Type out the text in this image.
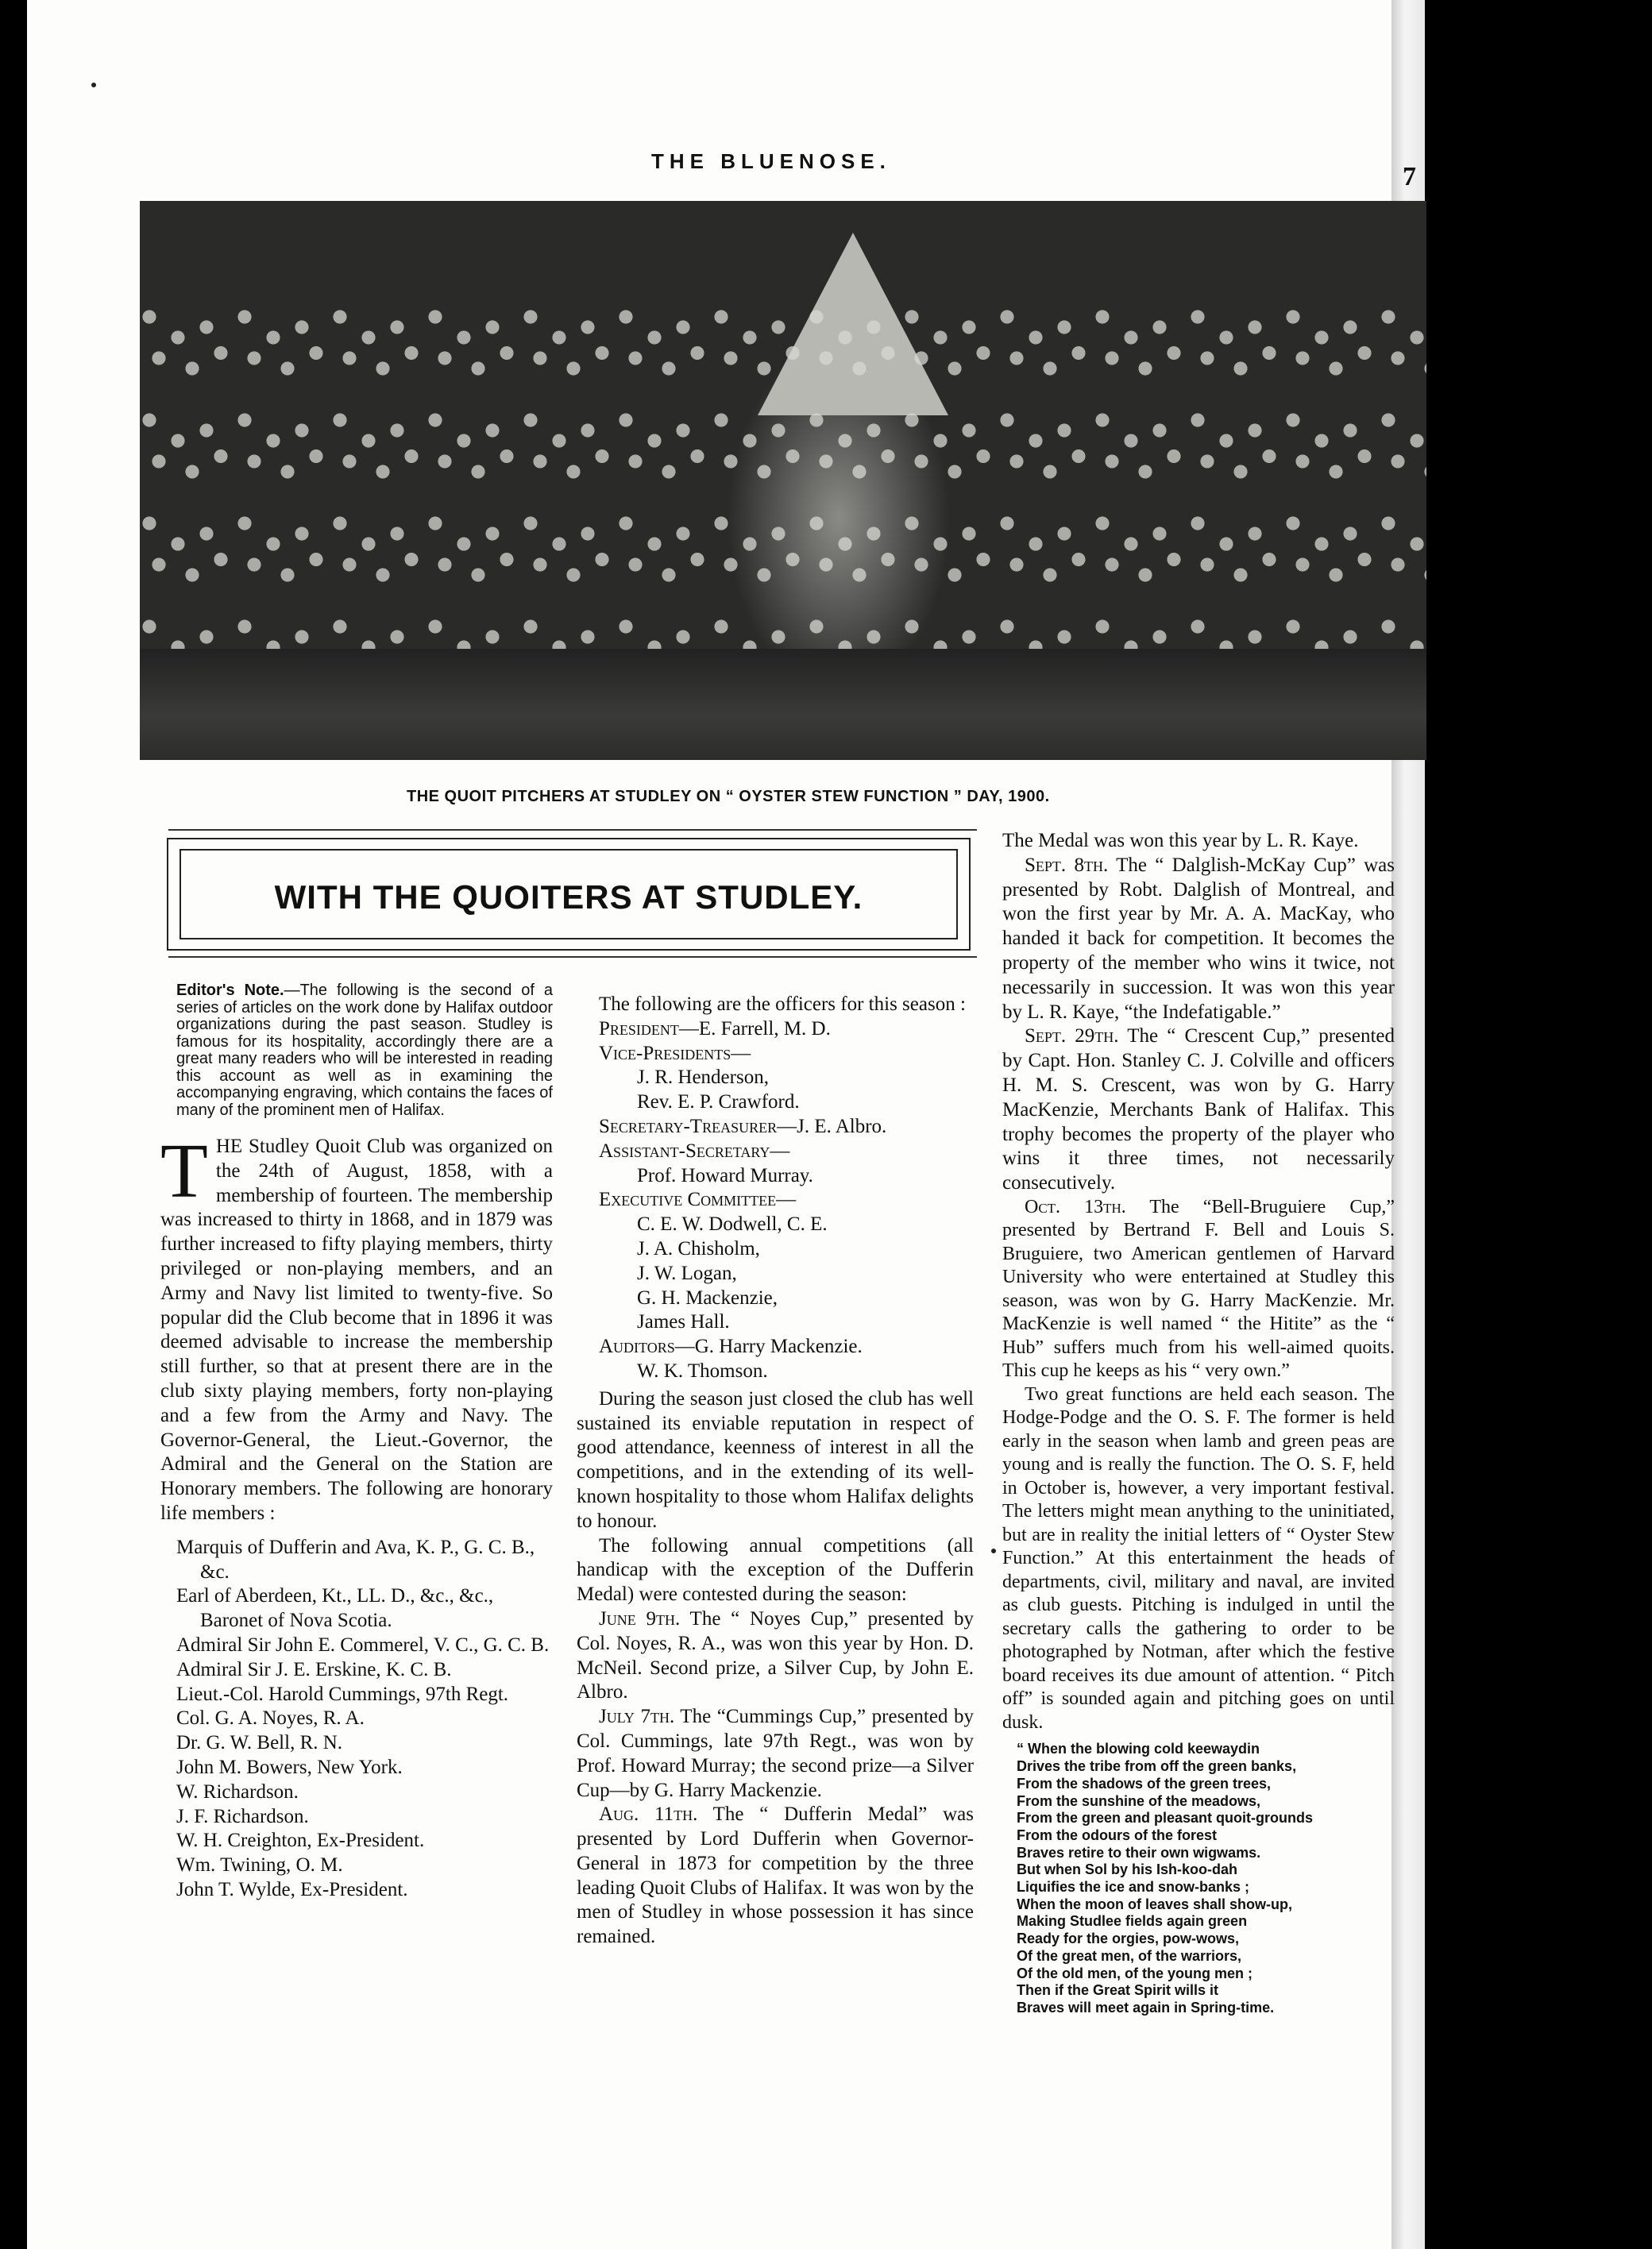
THE BLUENOSE.
7
THE QUOIT PITCHERS AT STUDLEY ON “ OYSTER STEW FUNCTION ” DAY, 1900.
WITH THE QUOITERS AT STUDLEY.

Editor's Note.—The following is the second of a series of articles on the work done by Halifax outdoor organizations during the past season. Studley is famous for its hospitality, accordingly there are a great many readers who will be interested in reading this account as well as in examining the accompanying engraving, which contains the faces of many of the prominent men of Halifax.

THE Studley Quoit Club was organized on the 24th of August, 1858, with a membership of fourteen. The membership was increased to thirty in 1868, and in 1879 was further increased to fifty playing members, thirty privileged or non-playing members, and an Army and Navy list limited to twenty-five. So popular did the Club become that in 1896 it was deemed advisable to increase the membership still further, so that at present there are in the club sixty playing members, forty non-playing and a few from the Army and Navy. The Governor-General, the Lieut.-Governor, the Admiral and the General on the Station are Honorary members. The following are honorary life members :

Marquis of Dufferin and Ava, K. P., G. C. B., &c.

Earl of Aberdeen, Kt., LL. D., &c., &c., Baronet of Nova Scotia.

Admiral Sir John E. Commerel, V. C., G. C. B.

Admiral Sir J. E. Erskine, K. C. B.

Lieut.-Col. Harold Cummings, 97th Regt.

Col. G. A. Noyes, R. A.

Dr. G. W. Bell, R. N.

John M. Bowers, New York.

W. Richardson.

J. F. Richardson.

W. H. Creighton, Ex-President.

Wm. Twining, O. M.

John T. Wylde, Ex-President.

The following are the officers for this season :

President—E. Farrell, M. D.

Vice-Presidents—

J. R. Henderson,

Rev. E. P. Crawford.

Secretary-Treasurer—J. E. Albro.

Assistant-Secretary—

Prof. Howard Murray.

Executive Committee—

C. E. W. Dodwell, C. E.

J. A. Chisholm,

J. W. Logan,

G. H. Mackenzie,

James Hall.

Auditors—G. Harry Mackenzie.

W. K. Thomson.

During the season just closed the club has well sustained its enviable reputation in respect of good attendance, keenness of interest in all the competitions, and in the extending of its well-known hospitality to those whom Halifax delights to honour.

The following annual competitions (all handicap with the exception of the Dufferin Medal) were contested during the season:

June 9th. The “ Noyes Cup,” presented by Col. Noyes, R. A., was won this year by Hon. D. McNeil. Second prize, a Silver Cup, by John E. Albro.

July 7th. The “Cummings Cup,” presented by Col. Cummings, late 97th Regt., was won by Prof. Howard Murray; the second prize—a Silver Cup—by G. Harry Mackenzie.

Aug. 11th. The “ Dufferin Medal” was presented by Lord Dufferin when Governor-General in 1873 for competition by the three leading Quoit Clubs of Halifax. It was won by the men of Studley in whose possession it has since remained.

The Medal was won this year by L. R. Kaye.

Sept. 8th. The “ Dalglish-McKay Cup” was presented by Robt. Dalglish of Montreal, and won the first year by Mr. A. A. MacKay, who handed it back for competition. It becomes the property of the member who wins it twice, not necessarily in succession. It was won this year by L. R. Kaye, “the Indefatigable.”

Sept. 29th. The “ Crescent Cup,” presented by Capt. Hon. Stanley C. J. Colville and officers H. M. S. Crescent, was won by G. Harry MacKenzie, Merchants Bank of Halifax. This trophy becomes the property of the player who wins it three times, not necessarily consecutively.

Oct. 13th. The “Bell-Bruguiere Cup,” presented by Bertrand F. Bell and Louis S. Bruguiere, two American gentlemen of Harvard University who were entertained at Studley this season, was won by G. Harry MacKenzie. Mr. MacKenzie is well named “ the Hitite” as the “ Hub” suffers much from his well-aimed quoits. This cup he keeps as his “ very own.”

Two great functions are held each season. The Hodge-Podge and the O. S. F. The former is held early in the season when lamb and green peas are young and is really the function. The O. S. F, held in October is, however, a very important festival. The letters might mean anything to the uninitiated, but are in reality the initial letters of “ Oyster Stew Function.” At this entertainment the heads of departments, civil, military and naval, are invited as club guests. Pitching is indulged in until the secretary calls the gathering to order to be photographed by Notman, after which the festive board receives its due amount of attention. “ Pitch off” is sounded again and pitching goes on until dusk.

“ When the blowing cold keewaydin

Drives the tribe from off the green banks,

From the shadows of the green trees,

From the sunshine of the meadows,

From the green and pleasant quoit-grounds

From the odours of the forest

Braves retire to their own wigwams.

But when Sol by his Ish-koo-dah

Liquifies the ice and snow-banks ;

When the moon of leaves shall show-up,

Making Studlee fields again green

Ready for the orgies, pow-wows,

Of the great men, of the warriors,

Of the old men, of the young men ;

Then if the Great Spirit wills it

Braves will meet again in Spring-time.
